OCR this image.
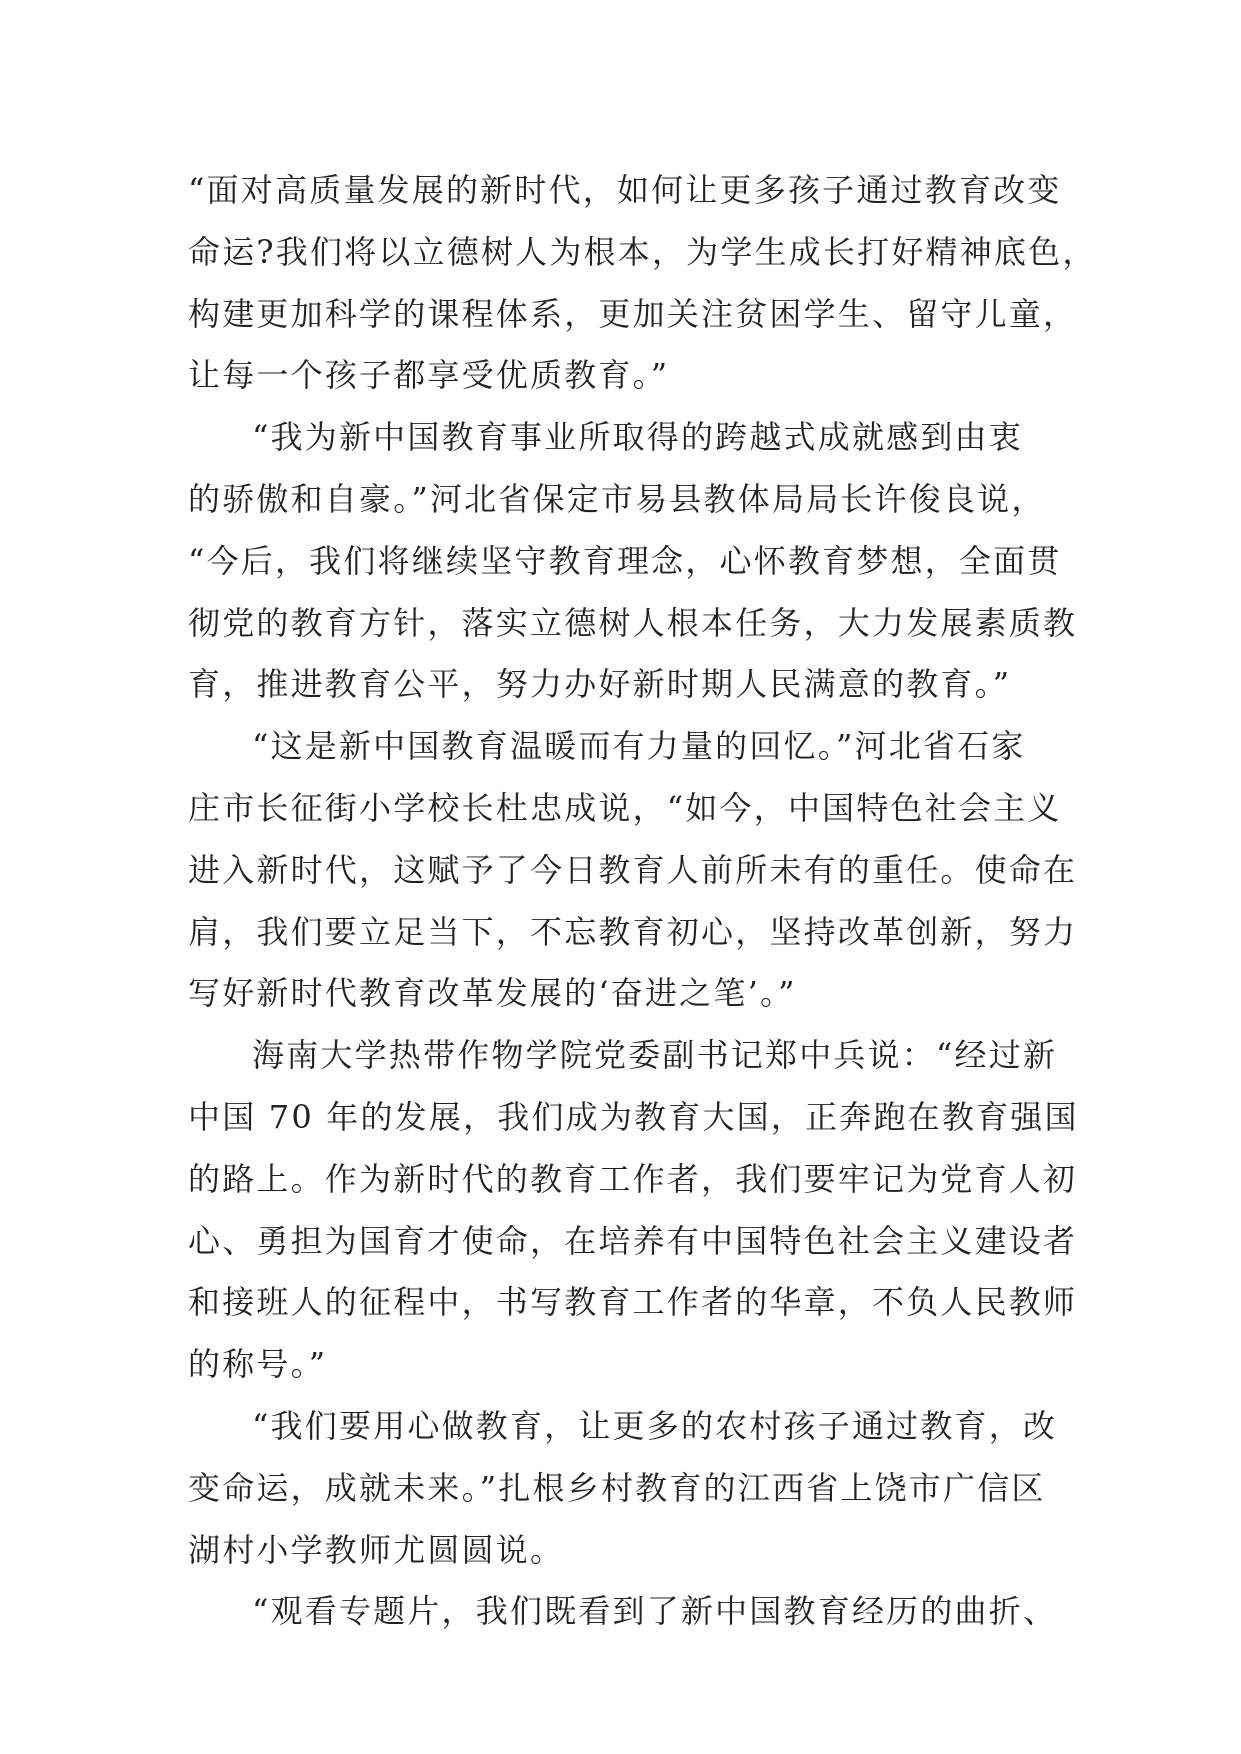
“面对高质量发展的新时代，如何让更多孩子通过教育改变
命运?我们将以立德树人为根本，为学生成长打好精神底色，
构建更加科学的课程体系，更加关注贫困学生、留守儿童，
让每一个孩子都享受优质教育。”
“我为新中国教育事业所取得的跨越式成就感到由衷
的骄傲和自豪。”河北省保定市易县教体局局长许俊良说，
“今后，我们将继续坚守教育理念，心怀教育梦想，全面贯
彻党的教育方针，落实立德树人根本任务，大力发展素质教
育，推进教育公平，努力办好新时期人民满意的教育。”
“这是新中国教育温暖而有力量的回忆。”河北省石家
庄市长征街小学校长杜忠成说，“如今，中国特色社会主义
进入新时代，这赋予了今日教育人前所未有的重任。使命在
肩，我们要立足当下，不忘教育初心，坚持改革创新，努力
写好新时代教育改革发展的‘奋进之笔’。”
海南大学热带作物学院党委副书记郑中兵说：“经过新
中国 70 年的发展，我们成为教育大国，正奔跑在教育强国
的路上。作为新时代的教育工作者，我们要牢记为党育人初
心、勇担为国育才使命，在培养有中国特色社会主义建设者
和接班人的征程中，书写教育工作者的华章，不负人民教师
的称号。”
“我们要用心做教育，让更多的农村孩子通过教育，改
变命运，成就未来。”扎根乡村教育的江西省上饶市广信区
湖村小学教师尤圆圆说。
“观看专题片，我们既看到了新中国教育经历的曲折、
